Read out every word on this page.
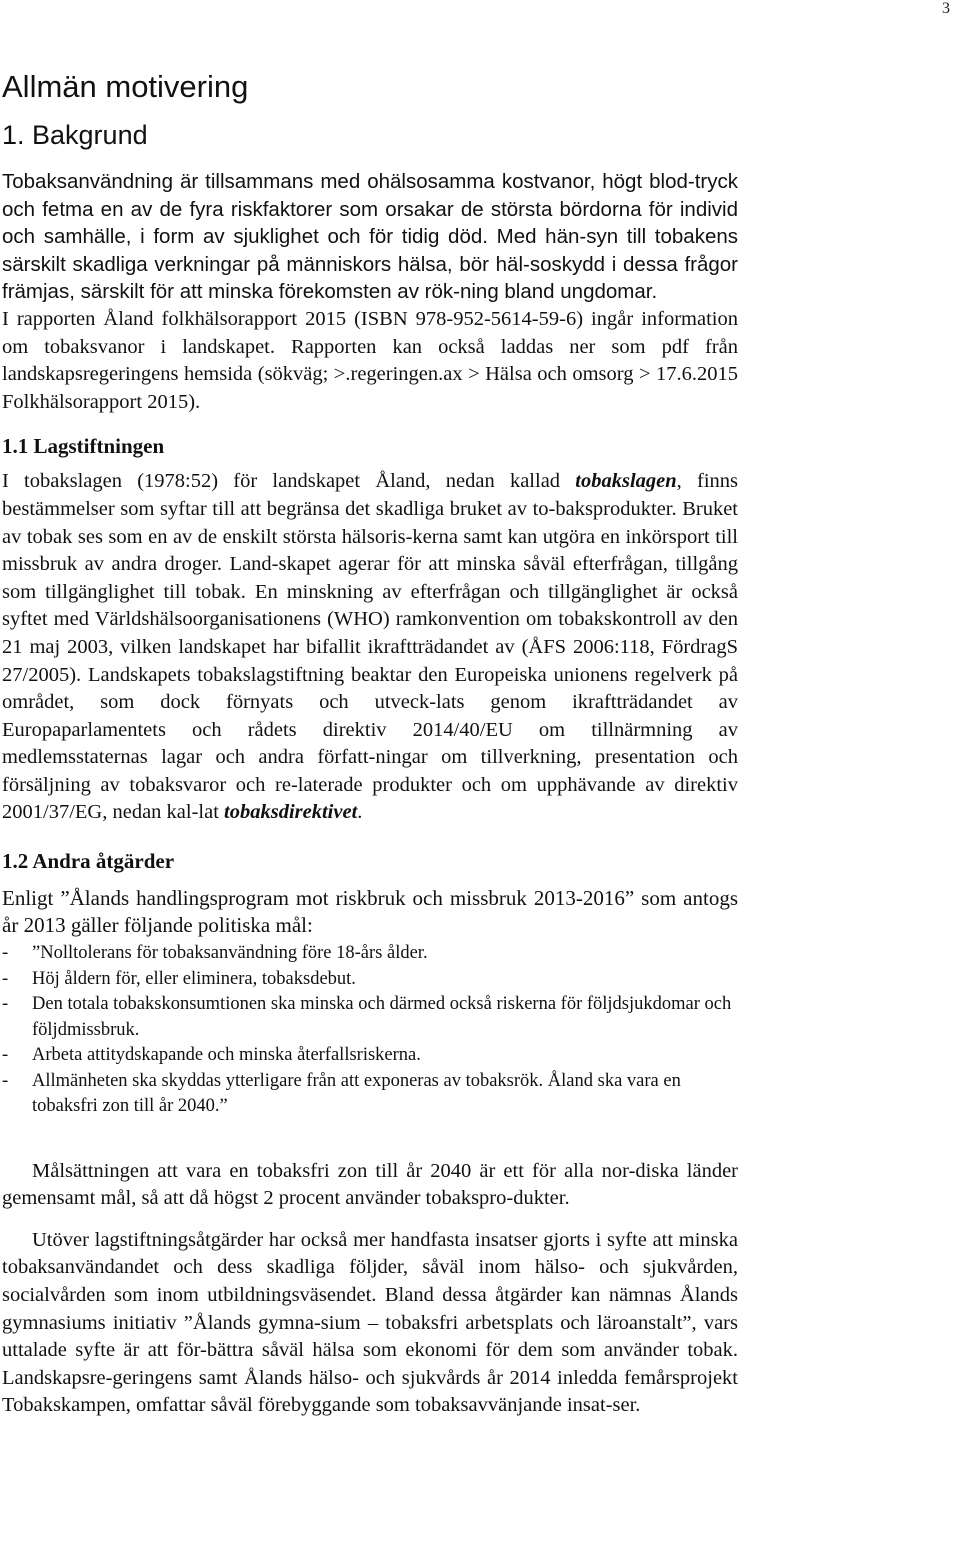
3
Allmän motivering
1. Bakgrund

Tobaksanvändning är tillsammans med ohälsosamma kostvanor, högt blod-tryck och fetma en av de fyra riskfaktorer som orsakar de största bördorna för individ och samhälle, i form av sjuklighet och för tidig död. Med hän-syn till tobakens särskilt skadliga verkningar på människors hälsa, bör häl-soskydd i dessa frågor främjas, särskilt för att minska förekomsten av rök-ning bland ungdomar.

I rapporten Åland folkhälsorapport 2015 (ISBN 978-952-5614-59-6) ingår information om tobaksvanor i landskapet. Rapporten kan också laddas ner som pdf från landskapsregeringens hemsida (sökväg; >.regeringen.ax > Hälsa och omsorg > 17.6.2015 Folkhälsorapport 2015).

1.1 Lagstiftningen

I tobakslagen (1978:52) för landskapet Åland, nedan kallad tobakslagen, finns bestämmelser som syftar till att begränsa det skadliga bruket av to-baksprodukter. Bruket av tobak ses som en av de enskilt största hälsoris-kerna samt kan utgöra en inkörsport till missbruk av andra droger. Land-skapet agerar för att minska såväl efterfrågan, tillgång som tillgänglighet till tobak. En minskning av efterfrågan och tillgänglighet är också syftet med Världshälsoorganisationens (WHO) ramkonvention om tobakskontroll av den 21 maj 2003, vilken landskapet har bifallit ikraftträdandet av (ÅFS 2006:118, FördragS 27/2005). Landskapets tobakslagstiftning beaktar den Europeiska unionens regelverk på området, som dock förnyats och utveck-lats genom ikraftträdandet av Europaparlamentets och rådets direktiv 2014/40/EU om tillnärmning av medlemsstaternas lagar och andra författ-ningar om tillverkning, presentation och försäljning av tobaksvaror och re-laterade produkter och om upphävande av direktiv 2001/37/EG, nedan kal-lat tobaksdirektivet.

1.2 Andra åtgärder

Enligt ”Ålands handlingsprogram mot riskbruk och missbruk 2013-2016” som antogs år 2013 gäller följande politiska mål:

- ”Nolltolerans för tobaksanvändning före 18-års ålder.
- Höj åldern för, eller eliminera, tobaksdebut.
- Den totala tobakskonsumtionen ska minska och därmed också riskerna för följdsjukdomar och följdmissbruk.
- Arbeta attitydskapande och minska återfallsriskerna.
- Allmänheten ska skyddas ytterligare från att exponeras av tobaksrök. Åland ska vara en tobaksfri zon till år 2040.”

Målsättningen att vara en tobaksfri zon till år 2040 är ett för alla nor-diska länder gemensamt mål, så att då högst 2 procent använder tobakspro-dukter.

Utöver lagstiftningsåtgärder har också mer handfasta insatser gjorts i syfte att minska tobaksanvändandet och dess skadliga följder, såväl inom hälso- och sjukvården, socialvården som inom utbildningsväsendet. Bland dessa åtgärder kan nämnas Ålands gymnasiums initiativ ”Ålands gymna-sium – tobaksfri arbetsplats och läroanstalt”, vars uttalade syfte är att för-bättra såväl hälsa som ekonomi för dem som använder tobak. Landskapsre-geringens samt Ålands hälso- och sjukvårds år 2014 inledda femårsprojekt Tobakskampen, omfattar såväl förebyggande som tobaksavvänjande insat-ser.
